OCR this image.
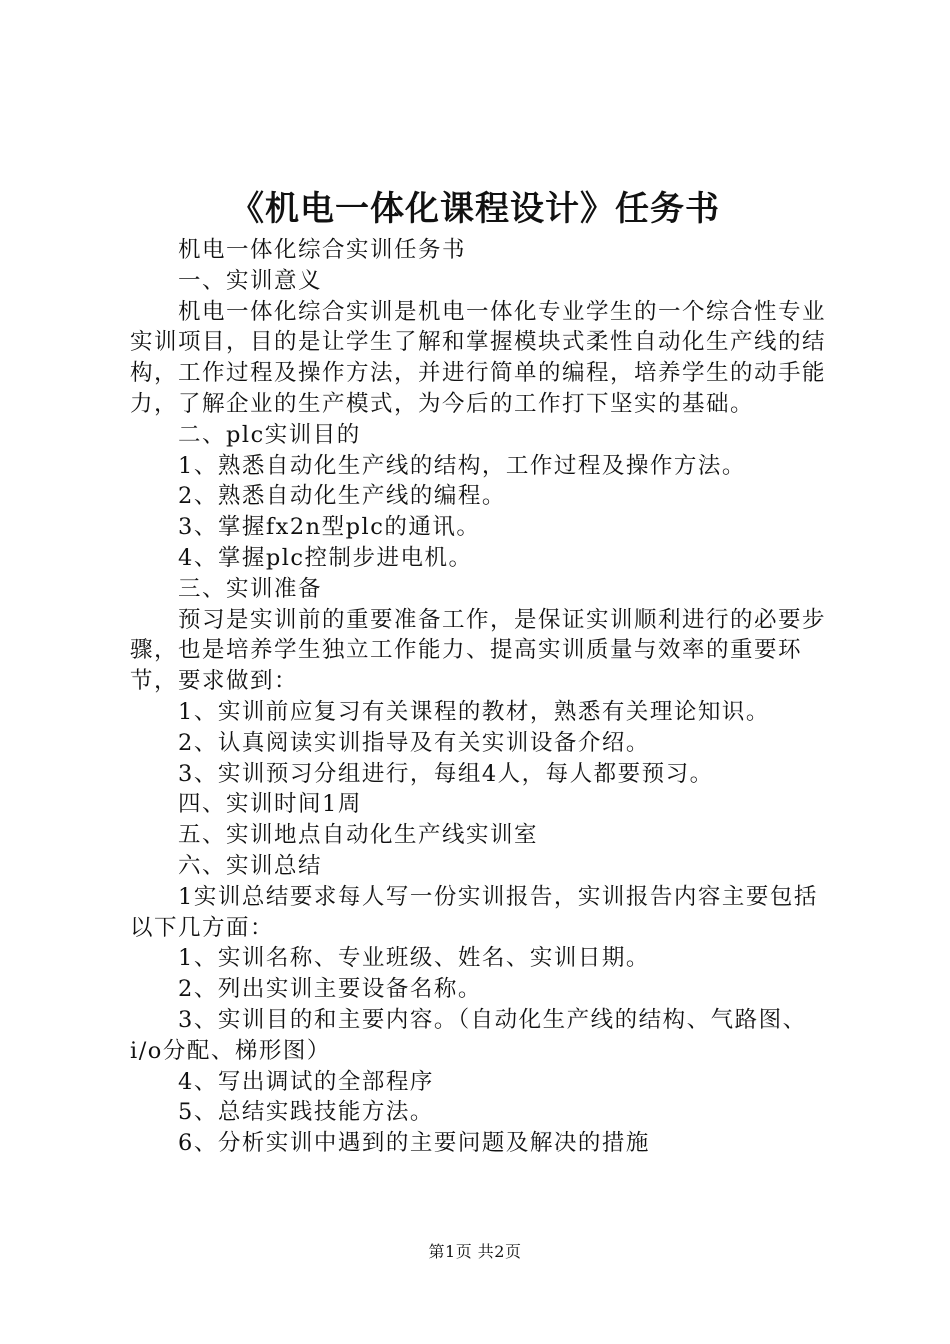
《机电一体化课程设计》任务书

机电一体化综合实训任务书

一、实训意义

机电一体化综合实训是机电一体化专业学生的一个综合性专业实训项目，目的是让学生了解和掌握模块式柔性自动化生产线的结构，工作过程及操作方法，并进行简单的编程，培养学生的动手能力，了解企业的生产模式，为今后的工作打下坚实的基础。

二、plc实训目的

1、熟悉自动化生产线的结构，工作过程及操作方法。

2、熟悉自动化生产线的编程。

3、掌握fx2n型plc的通讯。

4、掌握plc控制步进电机。

三、实训准备

预习是实训前的重要准备工作，是保证实训顺利进行的必要步骤，也是培养学生独立工作能力、提高实训质量与效率的重要环节，要求做到：

1、实训前应复习有关课程的教材，熟悉有关理论知识。

2、认真阅读实训指导及有关实训设备介绍。

3、实训预习分组进行，每组4人，每人都要预习。

四、实训时间1周

五、实训地点自动化生产线实训室

六、实训总结

1实训总结要求每人写一份实训报告，实训报告内容主要包括以下几方面：

1、实训名称、专业班级、姓名、实训日期。

2、列出实训主要设备名称。

3、实训目的和主要内容。（自动化生产线的结构、气路图、i/o分配、梯形图）

4、写出调试的全部程序

5、总结实践技能方法。

6、分析实训中遇到的主要问题及解决的措施

第1页 共2页
